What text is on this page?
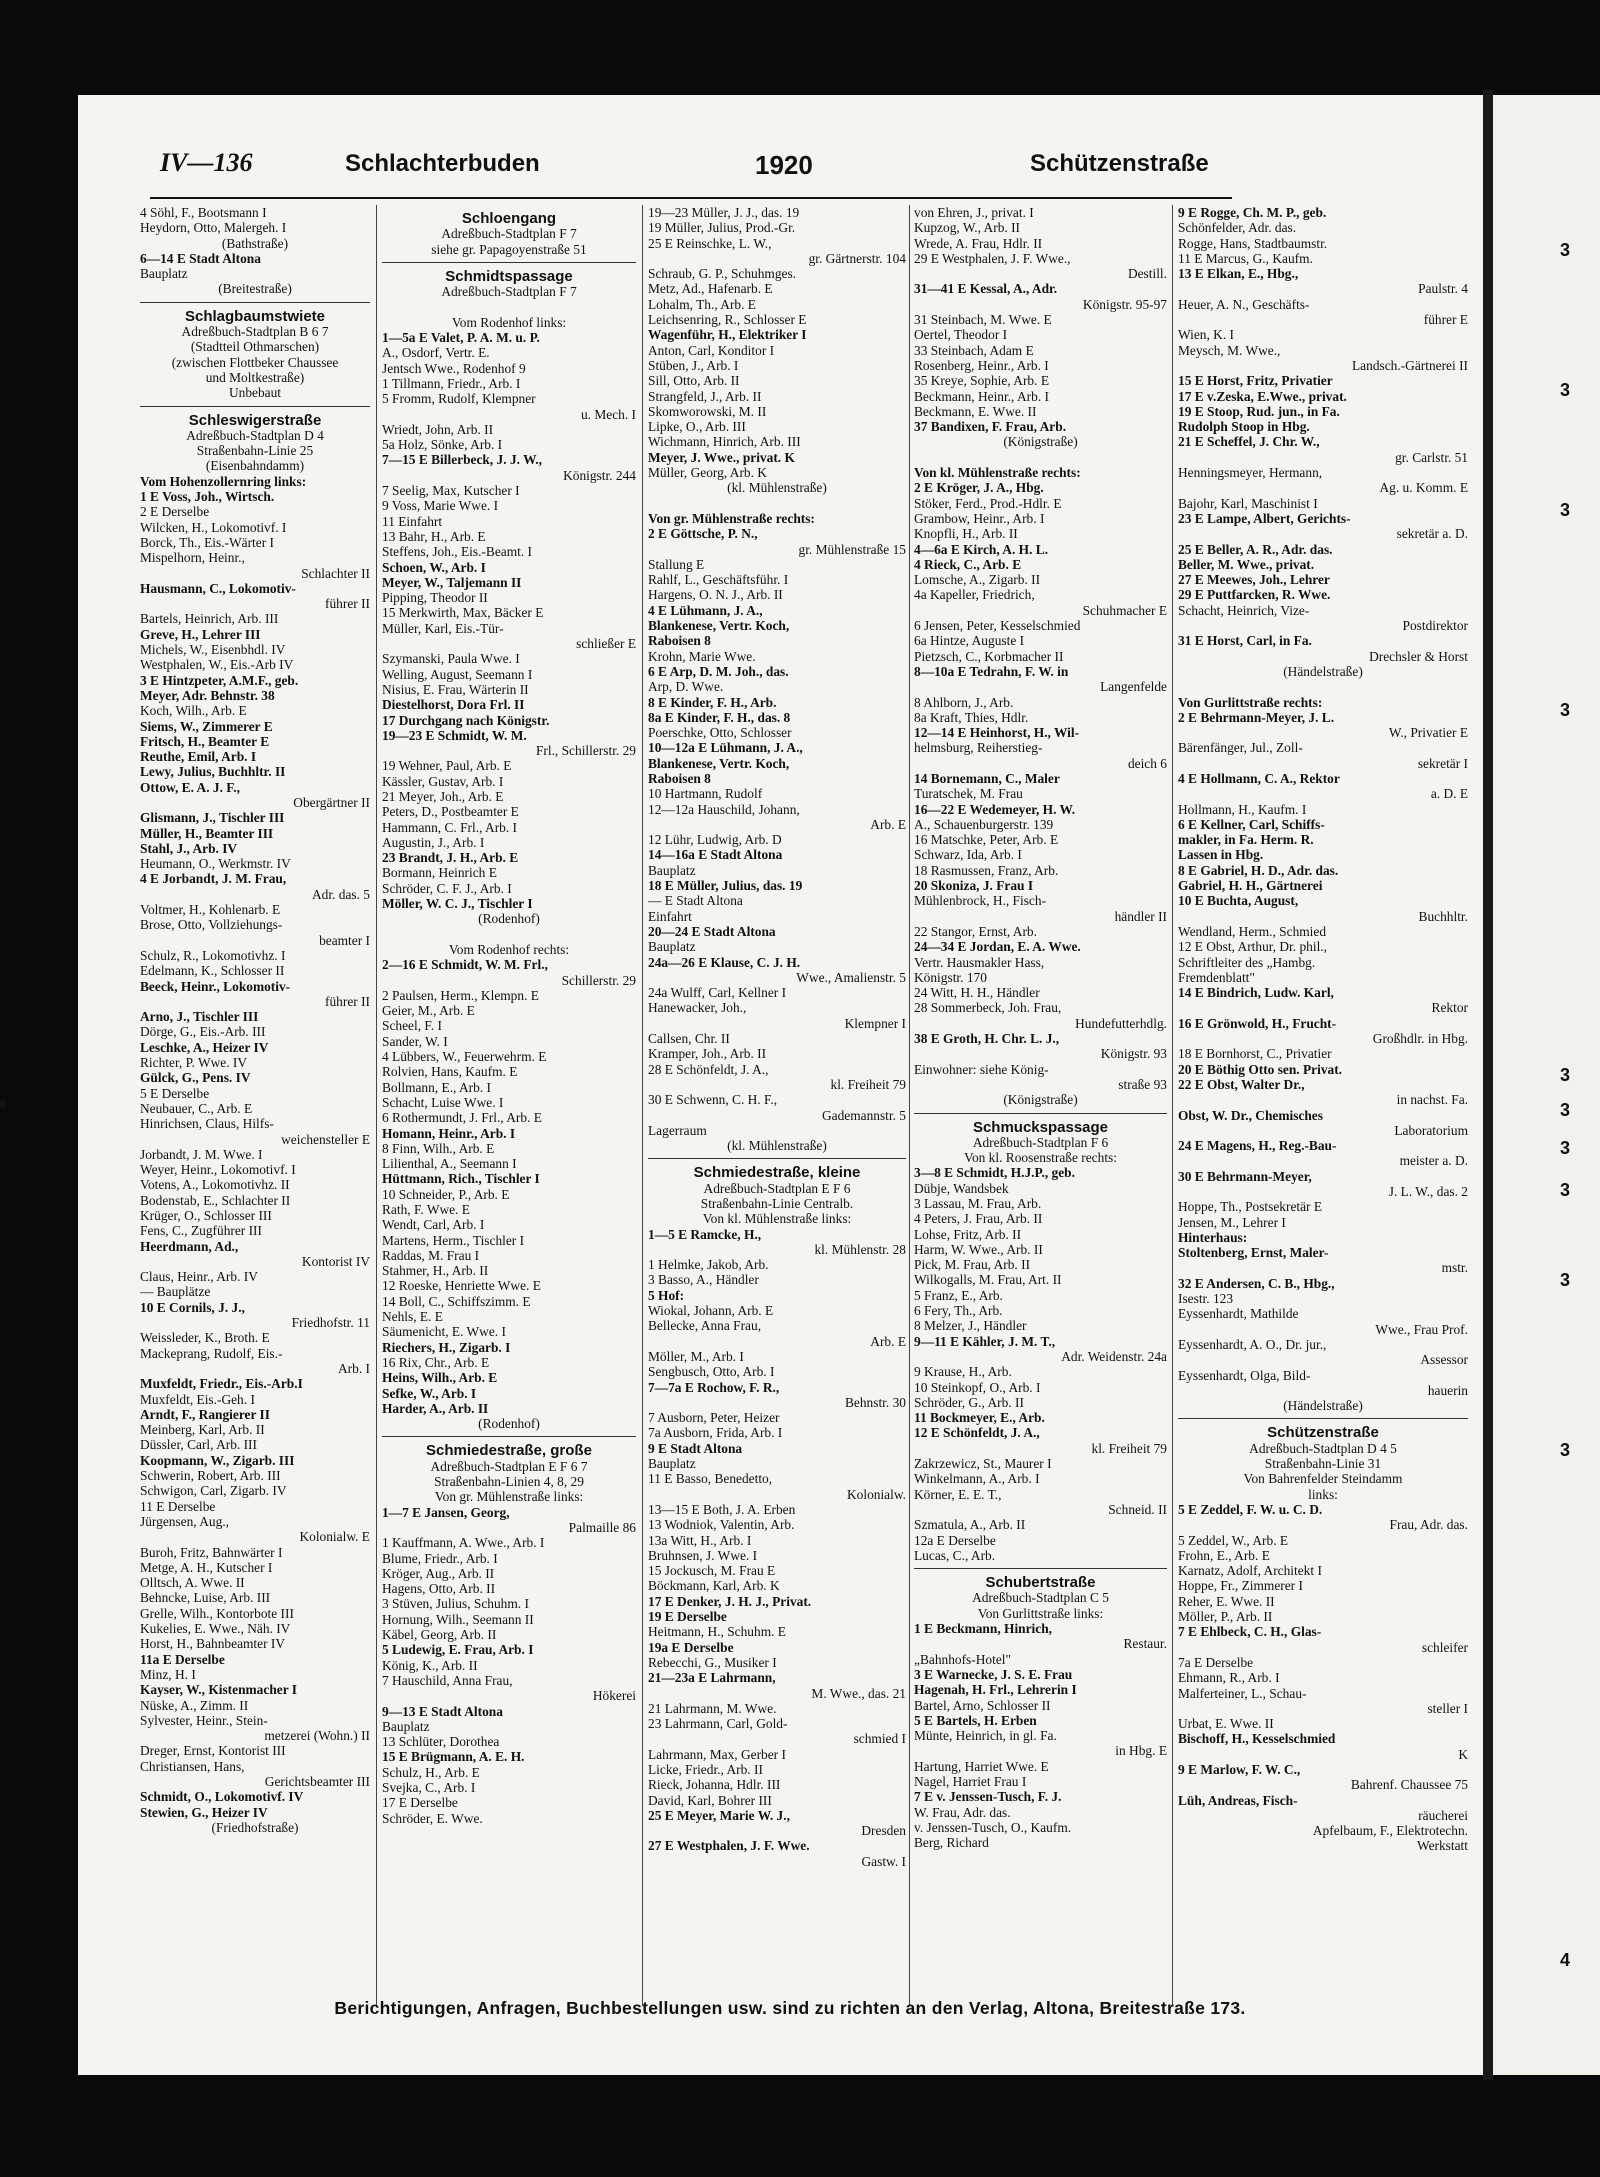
IV—136	Schlachterbuden	1920	Schützenstraße
4 Söhl, F., Bootsmann I
Heydorn, Otto, Malergeh. I
(Bathstraße)
6—14 E Stadt Altona
Bauplatz
(Breitestraße)
Schlagbaumstwiete
Adreßbuch-Stadtplan B 6 7
(Stadtteil Othmarschen)
(zwischen Flottbeker Chaussee
und Moltkestraße)
Unbebaut
Schleswigerstraße
Adreßbuch-Stadtplan D 4
Straßenbahn-Linie 25
(Eisenbahndamm)
Vom Hohenzollernring links:
1 E Voss, Joh., Wirtsch.
2 E Derselbe
Wilcken, H., Lokomotivf. I
Borck, Th., Eis.-Wärter I
Mispelhorn, Heinr.,
Schlachter II
Hausmann, C., Lokomotiv-
führer II
Bartels, Heinrich, Arb. III
Greve, H., Lehrer III
Michels, W., Eisenbhdl. IV
Westphalen, W., Eis.-Arb IV
3 E Hintzpeter, A.M.F., geb.
Meyer, Adr. Behnstr. 38
Koch, Wilh., Arb. E
Siems, W., Zimmerer E
Fritsch, H., Beamter E
Reuthe, Emil, Arb. I
Lewy, Julius, Buchhltr. II
Ottow, E. A. J. F.,
Obergärtner II
Glismann, J., Tischler III
Müller, H., Beamter III
Stahl, J., Arb. IV
Heumann, O., Werkmstr. IV
4 E Jorbandt, J. M. Frau,
Adr. das. 5
Voltmer, H., Kohlenarb. E
Brose, Otto, Vollziehungs-
beamter I
Schulz, R., Lokomotivhz. I
Edelmann, K., Schlosser II
Beeck, Heinr., Lokomotiv-
führer II
Arno, J., Tischler III
Dörge, G., Eis.-Arb. III
Leschke, A., Heizer IV
Richter, P. Wwe. IV
Gülck, G., Pens. IV
5 E Derselbe
Neubauer, C., Arb. E
Hinrichsen, Claus, Hilfs-
weichensteller E
Jorbandt, J. M. Wwe. I
Weyer, Heinr., Lokomotivf. I
Votens, A., Lokomotivhz. II
Bodenstab, E., Schlachter II
Krüger, O., Schlosser III
Fens, C., Zugführer III
Heerdmann, Ad.,
Kontorist IV
Claus, Heinr., Arb. IV
— Bauplätze
10 E Cornils, J. J.,
Friedhofstr. 11
Weissleder, K., Broth. E
Mackeprang, Rudolf, Eis.-
Arb. I
Muxfeldt, Friedr., Eis.-Arb.I
Muxfeldt, Eis.-Geh. I
Arndt, F., Rangierer II
Meinberg, Karl, Arb. II
Düssler, Carl, Arb. III
Koopmann, W., Zigarb. III
Schwerin, Robert, Arb. III
Schwigon, Carl, Zigarb. IV
11 E Derselbe
Jürgensen, Aug.,
Kolonialw. E
Buroh, Fritz, Bahnwärter I
Metge, A. H., Kutscher I
Olltsch, A. Wwe. II
Behncke, Luise, Arb. III
Grelle, Wilh., Kontorbote III
Kukelies, E. Wwe., Näh. IV
Horst, H., Bahnbeamter IV
11a E Derselbe
Minz, H. I
Kayser, W., Kistenmacher I
Nüske, A., Zimm. II
Sylvester, Heinr., Stein-
metzerei (Wohn.) II
Dreger, Ernst, Kontorist III
Christiansen, Hans,
Gerichtsbeamter III
Schmidt, O., Lokomotivf. IV
Stewien, G., Heizer IV
(Friedhofstraße)
Schloengang
Adreßbuch-Stadtplan F 7
siehe gr. Papagoyenstraße 51
Schmidtspassage
Adreßbuch-Stadtplan F 7

Vom Rodenhof links:
1—5a E Valet, P. A. M. u. P.
A., Osdorf, Vertr. E.
Jentsch Wwe., Rodenhof 9
1 Tillmann, Friedr., Arb. I
5 Fromm, Rudolf, Klempner
u. Mech. I
Wriedt, John, Arb. II
5a Holz, Sönke, Arb. I
7—15 E Billerbeck, J. J. W.,
Königstr. 244
7 Seelig, Max, Kutscher I
9 Voss, Marie Wwe. I
11 Einfahrt
13 Bahr, H., Arb. E
Steffens, Joh., Eis.-Beamt. I
Schoen, W., Arb. I
Meyer, W., Taljemann II
Pipping, Theodor II
15 Merkwirth, Max, Bäcker E
Müller, Karl, Eis.-Tür-
schließer E
Szymanski, Paula Wwe. I
Welling, August, Seemann I
Nisius, E. Frau, Wärterin II
Diestelhorst, Dora Frl. II
17 Durchgang nach Königstr.
19—23 E Schmidt, W. M.
Frl., Schillerstr. 29
19 Wehner, Paul, Arb. E
Kässler, Gustav, Arb. I
21 Meyer, Joh., Arb. E
Peters, D., Postbeamter E
Hammann, C. Frl., Arb. I
Augustin, J., Arb. I
23 Brandt, J. H., Arb. E
Bormann, Heinrich E
Schröder, C. F. J., Arb. I
Möller, W. C. J., Tischler I
(Rodenhof)

Vom Rodenhof rechts:
2—16 E Schmidt, W. M. Frl.,
Schillerstr. 29
2 Paulsen, Herm., Klempn. E
Geier, M., Arb. E
Scheel, F. I
Sander, W. I
4 Lübbers, W., Feuerwehrm. E
Rolvien, Hans, Kaufm. E
Bollmann, E., Arb. I
Schacht, Luise Wwe. I
6 Rothermundt, J. Frl., Arb. E
Homann, Heinr., Arb. I
8 Finn, Wilh., Arb. E
Lilienthal, A., Seemann I
Hüttmann, Rich., Tischler I
10 Schneider, P., Arb. E
Rath, F. Wwe. E
Wendt, Carl, Arb. I
Martens, Herm., Tischler I
Raddas, M. Frau I
Stahmer, H., Arb. II
12 Roeske, Henriette Wwe. E
14 Boll, C., Schiffszimm. E
Nehls, E. E
Säumenicht, E. Wwe. I
Riechers, H., Zigarb. I
16 Rix, Chr., Arb. E
Heins, Wilh., Arb. E
Sefke, W., Arb. I
Harder, A., Arb. II
(Rodenhof)
Schmiedestraße, große
Adreßbuch-Stadtplan E F 6 7
Straßenbahn-Linien 4, 8, 29
Von gr. Mühlenstraße links:
1—7 E Jansen, Georg,
Palmaille 86
1 Kauffmann, A. Wwe., Arb. I
Blume, Friedr., Arb. I
Kröger, Aug., Arb. II
Hagens, Otto, Arb. II
3 Stüven, Julius, Schuhm. I
Hornung, Wilh., Seemann II
Käbel, Georg, Arb. II
5 Ludewig, E. Frau, Arb. I
König, K., Arb. II
7 Hauschild, Anna Frau,
Hökerei
9—13 E Stadt Altona
Bauplatz
13 Schlüter, Dorothea
15 E Brügmann, A. E. H.
Schulz, H., Arb. E
Svejka, C., Arb. I
17 E Derselbe
Schröder, E. Wwe.
19—23 Müller, J. J., das. 19
19 Müller, Julius, Prod.-Gr.
25 E Reinschke, L. W.,
gr. Gärtnerstr. 104
Schraub, G. P., Schuhmges.
Metz, Ad., Hafenarb. E
Lohalm, Th., Arb. E
Leichsenring, R., Schlosser E
Wagenführ, H., Elektriker I
Anton, Carl, Konditor I
Stüben, J., Arb. I
Sill, Otto, Arb. II
Strangfeld, J., Arb. II
Skomworowski, M. II
Lipke, O., Arb. III
Wichmann, Hinrich, Arb. III
Meyer, J. Wwe., privat. K
Müller, Georg, Arb. K
(kl. Mühlenstraße)

Von gr. Mühlenstraße rechts:
2 E Göttsche, P. N.,
gr. Mühlenstraße 15
Stallung E
Rahlf, L., Geschäftsführ. I
Hargens, O. N. J., Arb. II
4 E Lühmann, J. A.,
Blankenese, Vertr. Koch,
Raboisen 8
Krohn, Marie Wwe.
6 E Arp, D. M. Joh., das.
Arp, D. Wwe.
8 E Kinder, F. H., Arb.
8a E Kinder, F. H., das. 8
Poerschke, Otto, Schlosser
10—12a E Lühmann, J. A.,
Blankenese, Vertr. Koch,
Raboisen 8
10 Hartmann, Rudolf
12—12a Hauschild, Johann,
Arb. E
12 Lühr, Ludwig, Arb. D
14—16a E Stadt Altona
Bauplatz
18 E Müller, Julius, das. 19
— E Stadt Altona
Einfahrt
20—24 E Stadt Altona
Bauplatz
24a—26 E Klause, C. J. H.
Wwe., Amalienstr. 5
24a Wulff, Carl, Kellner I
Hanewacker, Joh.,
Klempner I
Callsen, Chr. II
Kramper, Joh., Arb. II
28 E Schönfeldt, J. A.,
kl. Freiheit 79
30 E Schwenn, C. H. F.,
Gademannstr. 5
Lagerraum
(kl. Mühlenstraße)
Schmiedestraße, kleine
Adreßbuch-Stadtplan E F 6
Straßenbahn-Linie Centralb.
Von kl. Mühlenstraße links:
1—5 E Ramcke, H.,
kl. Mühlenstr. 28
1 Helmke, Jakob, Arb.
3 Basso, A., Händler
5 Hof:
Wiokal, Johann, Arb. E
Bellecke, Anna Frau,
Arb. E
Möller, M., Arb. I
Sengbusch, Otto, Arb. I
7—7a E Rochow, F. R.,
Behnstr. 30
7 Ausborn, Peter, Heizer
7a Ausborn, Frida, Arb. I
9 E Stadt Altona
Bauplatz
11 E Basso, Benedetto,
Kolonialw.
13—15 E Both, J. A. Erben
13 Wodniok, Valentin, Arb.
13a Witt, H., Arb. I
Bruhnsen, J. Wwe. I
15 Jockusch, M. Frau E
Böckmann, Karl, Arb. K
17 E Denker, J. H. J., Privat.
19 E Derselbe
Heitmann, H., Schuhm. E
19a E Derselbe
Rebecchi, G., Musiker I
21—23a E Lahrmann,
M. Wwe., das. 21
21 Lahrmann, M. Wwe.
23 Lahrmann, Carl, Gold-
schmied I
Lahrmann, Max, Gerber I
Licke, Friedr., Arb. II
Rieck, Johanna, Hdlr. III
David, Karl, Bohrer III
25 E Meyer, Marie W. J.,
Dresden
27 E Westphalen, J. F. Wwe.
Gastw. I
von Ehren, J., privat. I
Kupzog, W., Arb. II
Wrede, A. Frau, Hdlr. II
29 E Westphalen, J. F. Wwe.,
Destill.
31—41 E Kessal, A., Adr.
Königstr. 95-97
31 Steinbach, M. Wwe. E
Oertel, Theodor I
33 Steinbach, Adam E
Rosenberg, Heinr., Arb. I
35 Kreye, Sophie, Arb. E
Beckmann, Heinr., Arb. I
Beckmann, E. Wwe. II
37 Bandixen, F. Frau, Arb.
(Königstraße)

Von kl. Mühlenstraße rechts:
2 E Kröger, J. A., Hbg.
Stöker, Ferd., Prod.-Hdlr. E
Grambow, Heinr., Arb. I
Knopfli, H., Arb. II
4—6a E Kirch, A. H. L.
4 Rieck, C., Arb. E
Lomsche, A., Zigarb. II
4a Kapeller, Friedrich,
Schuhmacher E
6 Jensen, Peter, Kesselschmied
6a Hintze, Auguste I
Pietzsch, C., Korbmacher II
8—10a E Tedrahn, F. W. in
Langenfelde
8 Ahlborn, J., Arb.
8a Kraft, Thies, Hdlr.
12—14 E Heinhorst, H., Wil-
helmsburg, Reiherstieg-
deich 6
14 Bornemann, C., Maler
Turatschek, M. Frau
16—22 E Wedemeyer, H. W.
A., Schauenburgerstr. 139
16 Matschke, Peter, Arb. E
Schwarz, Ida, Arb. I
18 Rasmussen, Franz, Arb.
20 Skoniza, J. Frau I
Mühlenbrock, H., Fisch-
händler II
22 Stangor, Ernst, Arb.
24—34 E Jordan, E. A. Wwe.
Vertr. Hausmakler Hass,
Königstr. 170
24 Witt, H. H., Händler
28 Sommerbeck, Joh. Frau,
Hundefutterhdlg.
38 E Groth, H. Chr. L. J.,
Königstr. 93
Einwohner: siehe König-
straße 93
(Königstraße)
Schmuckspassage
Adreßbuch-Stadtplan F 6
Von kl. Roosenstraße rechts:
3—8 E Schmidt, H.J.P., geb.
Dübje, Wandsbek
3 Lassau, M. Frau, Arb.
4 Peters, J. Frau, Arb. II
Lohse, Fritz, Arb. II
Harm, W. Wwe., Arb. II
Pick, M. Frau, Arb. II
Wilkogalls, M. Frau, Art. II
5 Franz, E., Arb.
6 Fery, Th., Arb.
8 Melzer, J., Händler
9—11 E Kähler, J. M. T.,
Adr. Weidenstr. 24a
9 Krause, H., Arb.
10 Steinkopf, O., Arb. I
Schröder, G., Arb. II
11 Bockmeyer, E., Arb.
12 E Schönfeldt, J. A.,
kl. Freiheit 79
Zakrzewicz, St., Maurer I
Winkelmann, A., Arb. I
Körner, E. E. T.,
Schneid. II
Szmatula, A., Arb. II
12a E Derselbe
Lucas, C., Arb.
Schubertstraße
Adreßbuch-Stadtplan C 5
Von Gurlittstraße links:
1 E Beckmann, Hinrich,
Restaur.
„Bahnhofs-Hotel"
3 E Warnecke, J. S. E. Frau
Hagenah, H. Frl., Lehrerin I
Bartel, Arno, Schlosser II
5 E Bartels, H. Erben
Münte, Heinrich, in gl. Fa.
in Hbg. E
Hartung, Harriet Wwe. E
Nagel, Harriet Frau I
7 E v. Jenssen-Tusch, F. J.
W. Frau, Adr. das.
v. Jenssen-Tusch, O., Kaufm.
Berg, Richard
9 E Rogge, Ch. M. P., geb.
Schönfelder, Adr. das.
Rogge, Hans, Stadtbaumstr.
11 E Marcus, G., Kaufm.
13 E Elkan, E., Hbg.,
Paulstr. 4
Heuer, A. N., Geschäfts-
führer E
Wien, K. I
Meysch, M. Wwe.,
Landsch.-Gärtnerei II
15 E Horst, Fritz, Privatier
17 E v.Zeska, E.Wwe., privat.
19 E Stoop, Rud. jun., in Fa.
Rudolph Stoop in Hbg.
21 E Scheffel, J. Chr. W.,
gr. Carlstr. 51
Henningsmeyer, Hermann,
Ag. u. Komm. E
Bajohr, Karl, Maschinist I
23 E Lampe, Albert, Gerichts-
sekretär a. D.
25 E Beller, A. R., Adr. das.
Beller, M. Wwe., privat.
27 E Meewes, Joh., Lehrer
29 E Puttfarcken, R. Wwe.
Schacht, Heinrich, Vize-
Postdirektor
31 E Horst, Carl, in Fa.
Drechsler & Horst
(Händelstraße)

Von Gurlittstraße rechts:
2 E Behrmann-Meyer, J. L.
W., Privatier E
Bärenfänger, Jul., Zoll-
sekretär I
4 E Hollmann, C. A., Rektor
a. D. E
Hollmann, H., Kaufm. I
6 E Kellner, Carl, Schiffs-
makler, in Fa. Herm. R.
Lassen in Hbg.
8 E Gabriel, H. D., Adr. das.
Gabriel, H. H., Gärtnerei
10 E Buchta, August,
Buchhltr.
Wendland, Herm., Schmied
12 E Obst, Arthur, Dr. phil.,
Schriftleiter des „Hambg.
Fremdenblatt"
14 E Bindrich, Ludw. Karl,
Rektor
16 E Grönwold, H., Frucht-
Großhdlr. in Hbg.
18 E Bornhorst, C., Privatier
20 E Böthig Otto sen. Privat.
22 E Obst, Walter Dr.,
in nachst. Fa.
Obst, W. Dr., Chemisches
Laboratorium
24 E Magens, H., Reg.-Bau-
meister a. D.
30 E Behrmann-Meyer,
J. L. W., das. 2
Hoppe, Th., Postsekretär E
Jensen, M., Lehrer I
Hinterhaus:
Stoltenberg, Ernst, Maler-
mstr.
32 E Andersen, C. B., Hbg.,
Isestr. 123
Eyssenhardt, Mathilde
Wwe., Frau Prof.
Eyssenhardt, A. O., Dr. jur.,
Assessor
Eyssenhardt, Olga, Bild-
hauerin
(Händelstraße)
Schützenstraße
Adreßbuch-Stadtplan D 4 5
Straßenbahn-Linie 31
Von Bahrenfelder Steindamm
links:
5 E Zeddel, F. W. u. C. D.
Frau, Adr. das.
5 Zeddel, W., Arb. E
Frohn, E., Arb. E
Karnatz, Adolf, Architekt I
Hoppe, Fr., Zimmerer I
Reher, E. Wwe. II
Möller, P., Arb. II
7 E Ehlbeck, C. H., Glas-
schleifer
7a E Derselbe
Ehmann, R., Arb. I
Malferteiner, L., Schau-
steller I
Urbat, E. Wwe. II
Bischoff, H., Kesselschmied
K
9 E Marlow, F. W. C.,
Bahrenf. Chaussee 75
Lüh, Andreas, Fisch-
räucherei
Apfelbaum, F., Elektrotechn.
Werkstatt
Berichtigungen, Anfragen, Buchbestellungen usw. sind zu richten an den Verlag, Altona, Breitestraße 173.
3
3
3
3
3
3
3
3
3
3
4
